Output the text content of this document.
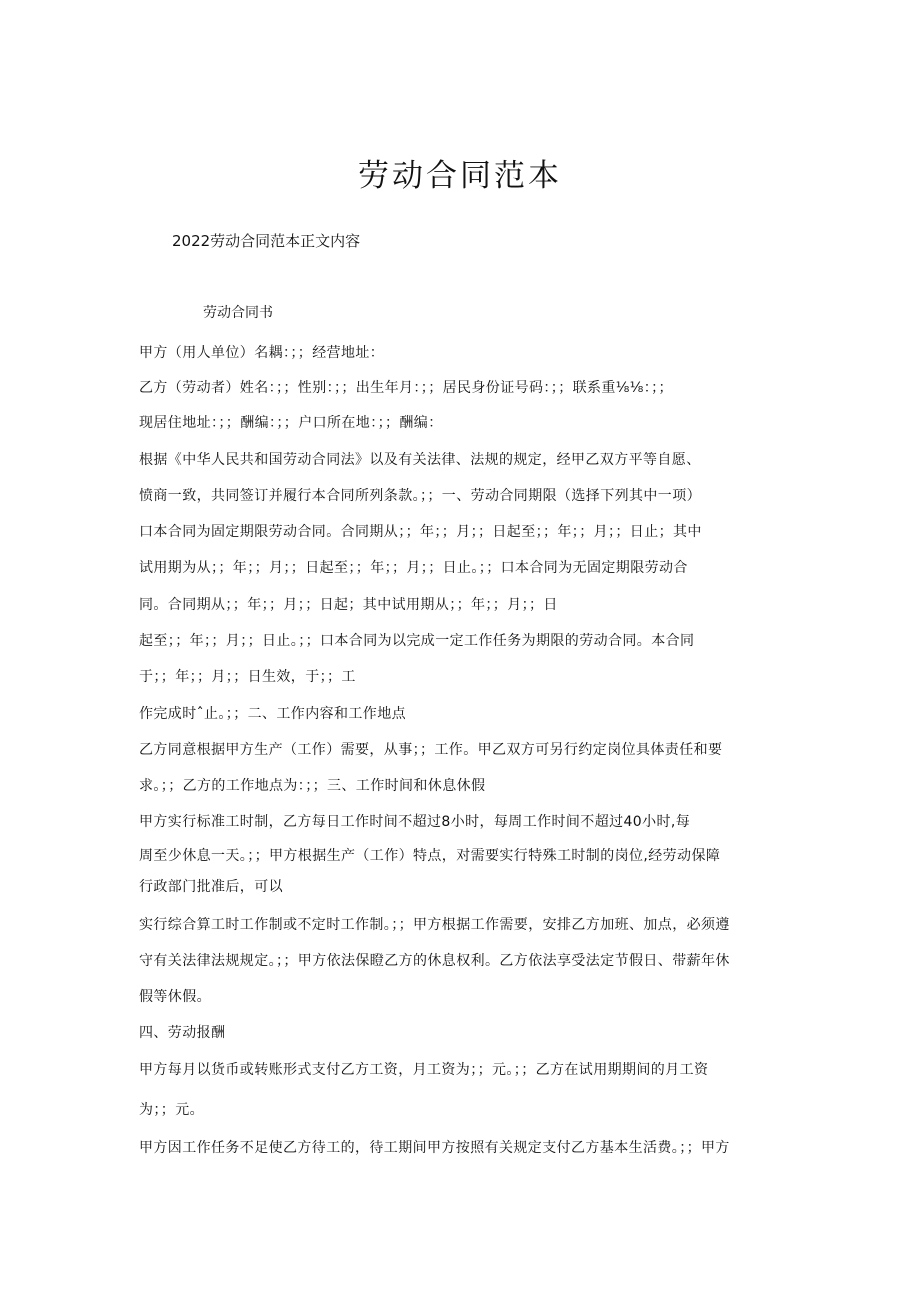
劳动合同范本

2022劳动合同范本正文内容

劳动合同书

甲方（用人单位）名耦：；；经营地址：

乙方（劳动者）姓名：；；性别：；；出生年月：；；居民身份证号码：；；联系重⅛⅛：；；

现居住地址：；；酬编：；；户口所在地：；；酬编：

根据《中华人民共和国劳动合同法》以及有关法律、法规的规定，经甲乙双方平等自愿、

愤商一致，共同签订并履行本合同所列条款。；；一、劳动合同期限（选择下列其中一项）

口本合同为固定期限劳动合同。合同期从；；年；；月；；日起至；；年；；月；；日止；其中

试用期为从；；年；；月；；日起至；；年；；月；；日止。；；口本合同为无固定期限劳动合

同。合同期从；；年；；月；；日起；其中试用期从；；年；；月；；日

起至；；年；；月；；日止。；；口本合同为以完成一定工作任务为期限的劳动合同。本合同

于；；年；；月；；日生效，于；；工

作完成时ˆ止。；；二、工作内容和工作地点

乙方同意根据甲方生产（工作）需要，从事；；工作。甲乙双方可另行约定岗位具体责任和要

求。；；乙方的工作地点为：；；三、工作时间和休息休假

甲方实行标准工时制，乙方每日工作时间不超过8小时，每周工作时间不超过40小时,每

周至少休息一天。；；甲方根据生产（工作）特点，对需要实行特殊工时制的岗位,经劳动保障

行政部门批准后，可以

实行综合算工时工作制或不定时工作制。；；甲方根据工作需要，安排乙方加班、加点，必须遵

守有关法律法规规定。；；甲方依法保瞪乙方的休息权利。乙方依法享受法定节假日、带薪年休

假等休假。

四、劳动报酬

甲方每月以货币或转账形式支付乙方工资，月工资为；；元。；；乙方在试用期期间的月工资

为；；元。

甲方因工作任务不足使乙方待工的，待工期间甲方按照有关规定支付乙方基本生活费。；；甲方
